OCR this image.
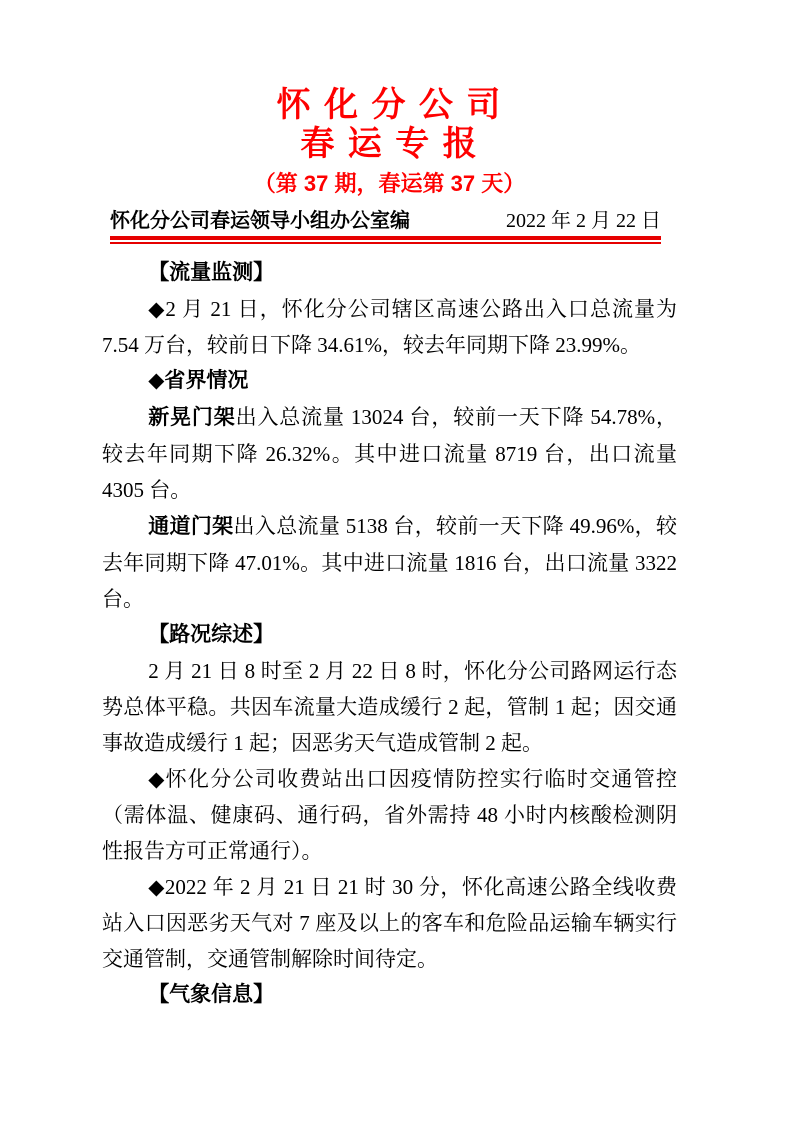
怀 化 分 公 司
春 运 专 报
（第 37 期，春运第 37 天）
怀化分公司春运领导小组办公室编	2022 年 2 月 22 日

【流量监测】

◆2 月 21 日，怀化分公司辖区高速公路出入口总流量为 7.54 万台，较前日下降 34.61%，较去年同期下降 23.99%。

◆省界情况

新晃门架出入总流量 13024 台，较前一天下降 54.78%，较去年同期下降 26.32%。其中进口流量 8719 台，出口流量 4305 台。

通道门架出入总流量 5138 台，较前一天下降 49.96%，较去年同期下降 47.01%。其中进口流量 1816 台，出口流量 3322 台。

【路况综述】

2 月 21 日 8 时至 2 月 22 日 8 时，怀化分公司路网运行态势总体平稳。共因车流量大造成缓行 2 起，管制 1 起；因交通事故造成缓行 1 起；因恶劣天气造成管制 2 起。

◆怀化分公司收费站出口因疫情防控实行临时交通管控（需体温、健康码、通行码，省外需持 48 小时内核酸检测阴性报告方可正常通行）。

◆2022 年 2 月 21 日 21 时 30 分，怀化高速公路全线收费站入口因恶劣天气对 7 座及以上的客车和危险品运输车辆实行交通管制，交通管制解除时间待定。

【气象信息】
